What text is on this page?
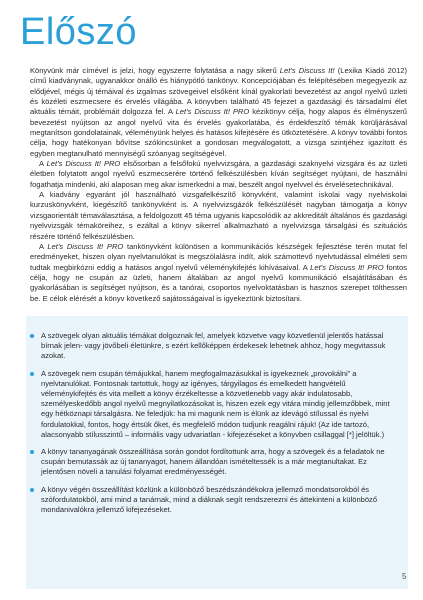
Előszó

Könyvünk már címével is jelzi, hogy egyszerre folytatása a nagy sikerű Let’s Discuss It! (Lexika Kiadó 2012) című kiadványnak, ugyanakkor önálló és hiánypótló tankönyv. Koncepciójában és felépítésében megegyezik az elődjével, mégis új témáival és izgalmas szövegeivel elsőként kínál gyakorlati bevezetést az angol nyelvű üzleti és közéleti eszmecsere és érvelés világába. A könyvben található 45 fejezet a gazdasági és társadalmi élet aktuális témáit, problémáit dolgozza fel. A Let’s Discuss It! PRO kézikönyv célja, hogy alapos és élményszerű bevezetést nyújtson az angol nyelvű vita és érvelés gyakorlatába, és érdekfeszítő témák körüljárásával megtanítson gondolatainak, véleményünk helyes és hatásos kifejtésére és ütköztetésére. A könyv további fontos célja, hogy hatékonyan bővítse szókincsünket a gondosan megválogatott, a vizsga szintjéhez igazított és egyben megtanulható mennyiségű szóanyag segítségével.

A Let’s Discuss It! PRO elsősorban a felsőfokú nyelvvizsgára, a gazdasági szaknyelvi vizsgára és az üzleti életben folytatott angol nyelvű eszmecserére történő felkészülésben kíván segítséget nyújtani, de használni fogathatja mindenki, aki alaposan meg akar ismerkedni a mai, beszélt angol nyelvvel és érvelésetechnikával.

A kiadvány egyaránt jól használható vizsgafelkészítő könyvként, valamint iskolai vagy nyelviskolai kurzuskönyvként, kiegészítő tankönyvként is. A nyelvvizsgázók felkészülését nagyban támogatja a könyv vizsgaorientált témaválasztása, a feldolgozott 45 téma ugyanis kapcsolódik az akkreditált általános és gazdasági nyelvvizsgák témaköreihez, s ezáltal a könyv sikerrel alkalmazható a nyelvvizsga társalgási és szituációs részére történő felkészülésben.

A Let’s Discuss It! PRO tankönyvként különösen a kommunikációs készségek fejlesztése terén mutat fel eredményeket, hiszen olyan nyelvtanulókat is megszólalásra indít, akik számottevő nyelvtudással elméleti sem tudtak megbirkózni eddig a hatásos angol nyelvű véleménykifejtés kihívásaival. A Let’s Discuss It! PRO fontos célja, hogy ne csupán az üzleti, hanem általában az angol nyelvű kommunikáció elsajátításában és gyakorlásában is segítséget nyújtson, és a tanórai, csoportos nyelvoktatásban is hasznos szerepet tölthessen be. E célok elérését a könyv következő sajátosságaival is igyekeztünk biztosítani.

A szövegek olyan aktuális témákat dolgoznak fel, amelyek közvetve vagy közvetlenül jelentős hatással bírnak jelen- vagy jövőbeli életünkre, s ezért kellőképpen érdekesek lehetnek ahhoz, hogy megvitassuk azokat.
A szövegek nem csupán témájukkal, hanem megfogalmazásukkal is igyekeznek „provokálni” a nyelvtanulókat. Fontosnak tartottuk, hogy az igényes, tárgyilagos és emelkedett hangvételű véleménykifejtés és vita mellett a könyv érzékeltesse a közvetlenebb vagy akár indulatosabb, személyeskedőbb angol nyelvű megnyilatkozásokat is, hiszen ezek egy vitára mindig jellemzőbbek, mint egy hétköznapi társalgásra. Ne feledjük: ha mi magunk nem is élünk az idevágó stílussal és nyelvi fordulatokkal, fontos, hogy értsük őket, és megfelelő módon tudjunk reagálni rájuk! (Az ide tartozó, alacsonyabb stílusszintű – informális vagy udvariatlan - kifejezéseket a könyvben csillaggal [*] jelöltük.)
A könyv tananyagának összeállítása során gondot fordítottunk arra, hogy a szövegek és a feladatok ne csupán bemutassák az új tananyagot, hanem állandóan ismételtessék is a már megtanultakat. Ez jelentősen növeli a tanulási folyamat eredményességét.
A könyv végén összeállítást közlünk a különböző beszédszándékokra jellemző mondatsorokból és szóforduIatokból, ami mind a tanárnak, mind a diáknak segít rendszerezni és áttekinteni a különböző mondanivalókra jellemző kifejezéseket.
5
